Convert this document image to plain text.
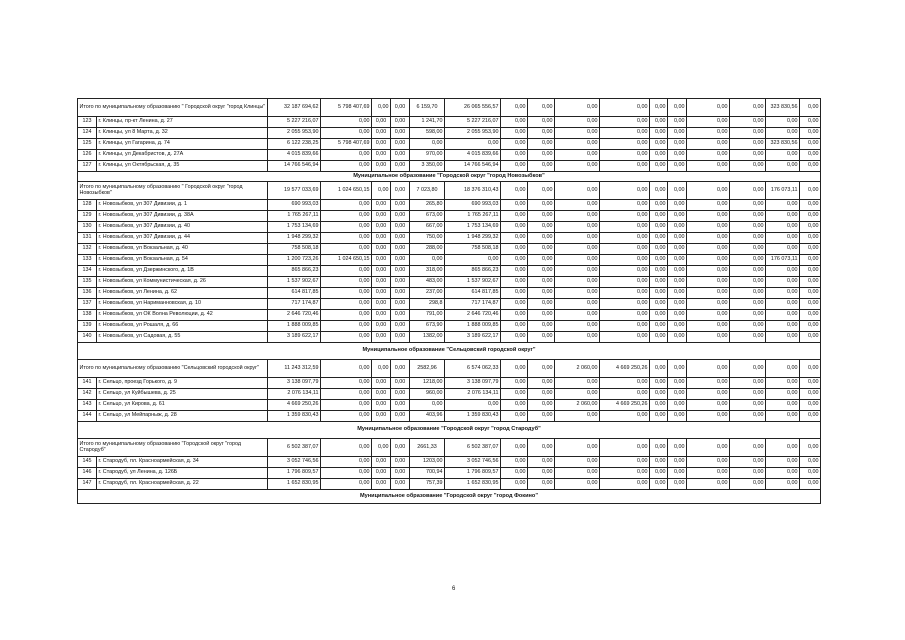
Итого по муниципальному образованию " Городской округ "город Клинцы"		32 187 694,62	5 798 407,69	0,00	0,00	6 159,70	26 065 556,57	0,00	0,00	0,00	0,00	0,00	0,00	0,00	0,00	323 830,56	0,00
123	г. Клинцы, пр-кт Ленина, д. 27	5 227 216,07	0,00	0,00	0,00	1 241,70	5 227 216,07	0,00	0,00	0,00	0,00	0,00	0,00	0,00	0,00	0,00	0,00
124	г. Клинцы, ул 8 Марта, д. 32	2 055 953,90	0,00	0,00	0,00	598,00	2 055 953,90	0,00	0,00	0,00	0,00	0,00	0,00	0,00	0,00	0,00	0,00
125	г. Клинцы, ул Гагарина, д. 74	6 122 238,25	5 798 407,69	0,00	0,00	0,00	0,00	0,00	0,00	0,00	0,00	0,00	0,00	0,00	0,00	323 830,56	0,00
126	г. Клинцы, ул Декабристов, д. 27А	4 015 839,66	0,00	0,00	0,00	970,00	4 015 839,66	0,00	0,00	0,00	0,00	0,00	0,00	0,00	0,00	0,00	0,00
127	г. Клинцы, ул Октябрьская, д. 35	14 766 546,94	0,00	0,00	0,00	3 350,00	14 766 546,94	0,00	0,00	0,00	0,00	0,00	0,00	0,00	0,00	0,00	0,00
Муниципальное образование "Городской округ "город Новозыбков"																	
Итого по муниципальному образованию " Городской округ "город Новозыбков"		19 577 033,69	1 024 650,15	0,00	0,00	7 023,80	18 376 310,43	0,00	0,00	0,00	0,00	0,00	0,00	0,00	0,00	176 073,11	0,00
128	г. Новозыбков, ул 307 Дивизии, д. 1	690 993,03	0,00	0,00	0,00	265,80	690 993,03	0,00	0,00	0,00	0,00	0,00	0,00	0,00	0,00	0,00	0,00
129	г. Новозыбков, ул 307 Дивизии, д. 38А	1 765 267,11	0,00	0,00	0,00	673,00	1 765 267,11	0,00	0,00	0,00	0,00	0,00	0,00	0,00	0,00	0,00	0,00
130	г. Новозыбков, ул 307 Дивизии, д. 40	1 753 134,69	0,00	0,00	0,00	667,00	1 753 134,69	0,00	0,00	0,00	0,00	0,00	0,00	0,00	0,00	0,00	0,00
131	г. Новозыбков, ул 307 Дивизии, д. 44	1 948 299,32	0,00	0,00	0,00	750,00	1 948 299,32	0,00	0,00	0,00	0,00	0,00	0,00	0,00	0,00	0,00	0,00
132	г. Новозыбков, ул Вокзальная, д. 40	758 508,18	0,00	0,00	0,00	288,00	758 508,18	0,00	0,00	0,00	0,00	0,00	0,00	0,00	0,00	0,00	0,00
133	г. Новозыбков, ул Вокзальная, д. 54	1 200 723,26	1 024 650,15	0,00	0,00	0,00	0,00	0,00	0,00	0,00	0,00	0,00	0,00	0,00	0,00	176 073,11	0,00
134	г. Новозыбков, ул Дзержинского, д. 1В	865 866,23	0,00	0,00	0,00	318,00	865 866,23	0,00	0,00	0,00	0,00	0,00	0,00	0,00	0,00	0,00	0,00
135	г. Новозыбков, ул Коммунистическая, д. 26	1 537 902,67	0,00	0,00	0,00	483,00	1 537 902,67	0,00	0,00	0,00	0,00	0,00	0,00	0,00	0,00	0,00	0,00
136	г. Новозыбков, ул Ленина, д. 62	614 817,85	0,00	0,00	0,00	237,00	614 817,85	0,00	0,00	0,00	0,00	0,00	0,00	0,00	0,00	0,00	0,00
137	г. Новозыбков, ул Нариманновская, д. 10	717 174,87	0,00	0,00	0,00	298,8	717 174,87	0,00	0,00	0,00	0,00	0,00	0,00	0,00	0,00	0,00	0,00
138	г. Новозыбков, ул ОК Волна Революции, д. 42	2 646 720,46	0,00	0,00	0,00	791,00	2 646 720,46	0,00	0,00	0,00	0,00	0,00	0,00	0,00	0,00	0,00	0,00
139	г. Новозыбков, ул Рошаля, д. 66	1 888 009,85	0,00	0,00	0,00	673,90	1 888 009,85	0,00	0,00	0,00	0,00	0,00	0,00	0,00	0,00	0,00	0,00
140	г. Новозыбков, ул Садовая, д. 55	3 189 622,17	0,00	0,00	0,00	1382,00	3 189 622,17	0,00	0,00	0,00	0,00	0,00	0,00	0,00	0,00	0,00	0,00
Муниципальное образование "Сельцовский городской округ"																	
Итого по муниципальному образованию "Сельцовский городской округ"		11 243 312,59	0,00	0,00	0,00	2582,96	6 574 062,33	0,00	0,00	2 060,00	4 669 250,26	0,00	0,00	0,00	0,00	0,00	0,00
141	г. Сельцо, проезд Горького, д. 9	3 138 097,79	0,00	0,00	0,00	1218,00	3 138 097,79	0,00	0,00	0,00	0,00	0,00	0,00	0,00	0,00	0,00	0,00
142	г. Сельцо, ул Куйбышева, д. 25	2 076 134,11	0,00	0,00	0,00	960,00	2 076 134,11	0,00	0,00	0,00	0,00	0,00	0,00	0,00	0,00	0,00	0,00
143	г. Сельцо, ул Кирова, д. 61	4 669 250,26	0,00	0,00	0,00	0,00	0,00	0,00	0,00	2 060,00	4 669 250,26	0,00	0,00	0,00	0,00	0,00	0,00
144	г. Сельцо, ул Мейпарныж, д. 28	1 359 830,43	0,00	0,00	0,00	403,96	1 359 830,43	0,00	0,00	0,00	0,00	0,00	0,00	0,00	0,00	0,00	0,00
Муниципальное образование "Городской округ "город Стародуб"																	
Итого по муниципальному образованию "Городской округ "город Стародуб"		6 502 387,07	0,00	0,00	0,00	2661,33	6 502 387,07	0,00	0,00	0,00	0,00	0,00	0,00	0,00	0,00	0,00	0,00
145	г. Стародуб, пл. Красноармейская, д. 34	3 052 746,56	0,00	0,00	0,00	1203,00	3 052 746,56	0,00	0,00	0,00	0,00	0,00	0,00	0,00	0,00	0,00	0,00
146	г. Стародуб, ул Ленина, д. 126Б	1 796 809,57	0,00	0,00	0,00	700,94	1 796 809,57	0,00	0,00	0,00	0,00	0,00	0,00	0,00	0,00	0,00	0,00
147	г. Стародуб, пл. Красноармейская, д. 22	1 652 830,95	0,00	0,00	0,00	757,39	1 652 830,95	0,00	0,00	0,00	0,00	0,00	0,00	0,00	0,00	0,00	0,00
Муниципальное образование "Городской округ "город Фокино"																	
6
